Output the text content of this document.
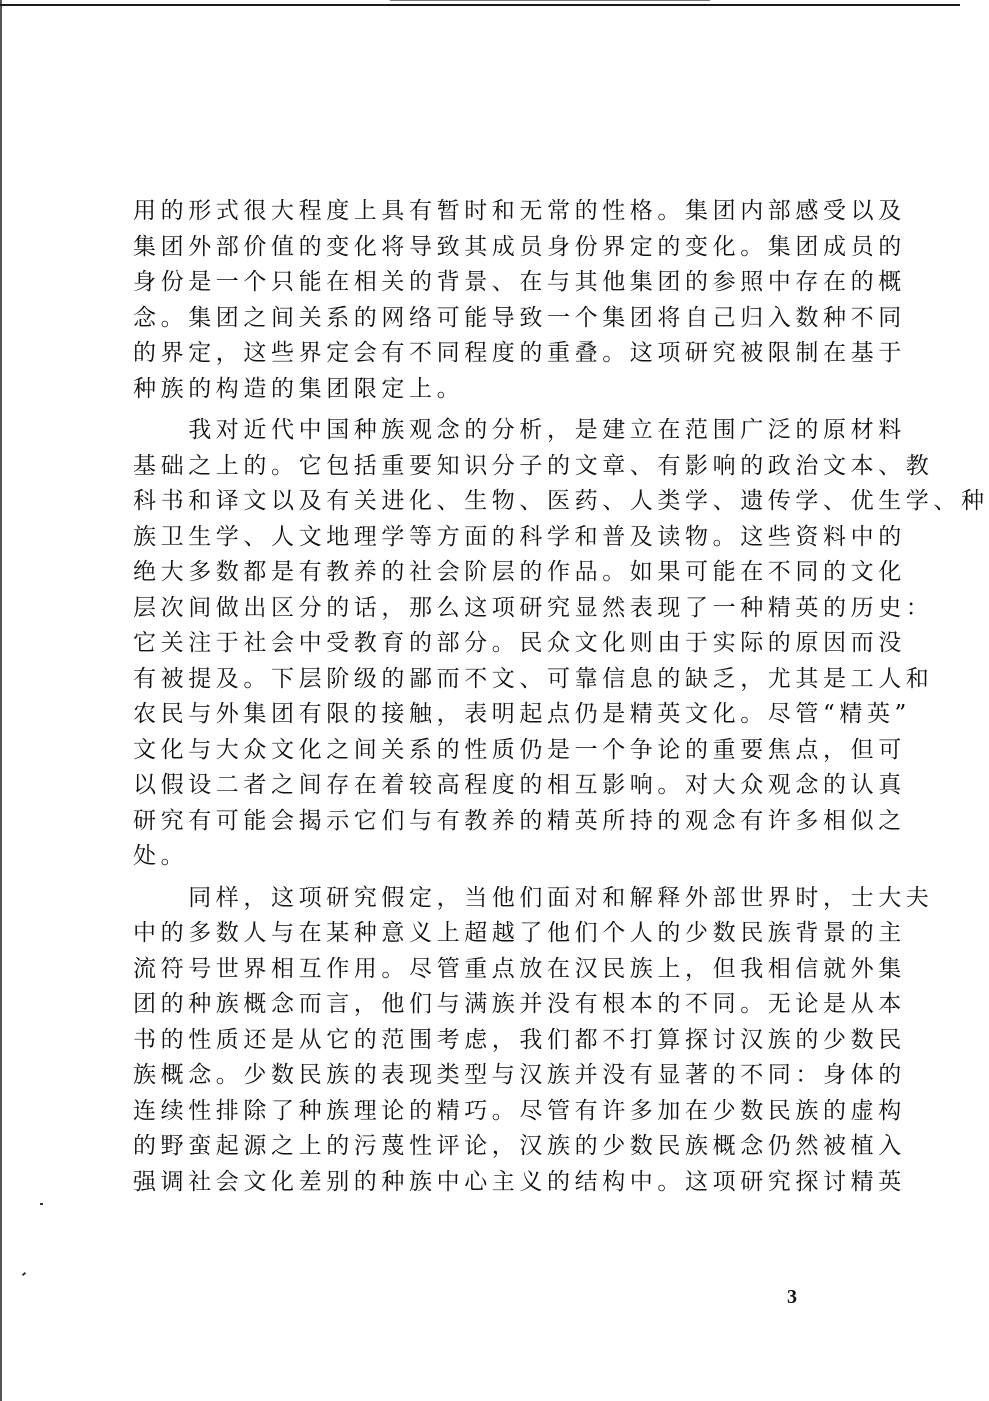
用的形式很大程度上具有暂时和无常的性格。集团内部感受以及
集团外部价值的变化将导致其成员身份界定的变化。集团成员的
身份是一个只能在相关的背景、在与其他集团的参照中存在的概
念。集团之间关系的网络可能导致一个集团将自己归入数种不同
的界定，这些界定会有不同程度的重叠。这项研究被限制在基于
种族的构造的集团限定上。
　　我对近代中国种族观念的分析，是建立在范围广泛的原材料
基础之上的。它包括重要知识分子的文章、有影响的政治文本、教
科书和译文以及有关进化、生物、医药、人类学、遗传学、优生学、种
族卫生学、人文地理学等方面的科学和普及读物。这些资料中的
绝大多数都是有教养的社会阶层的作品。如果可能在不同的文化
层次间做出区分的话，那么这项研究显然表现了一种精英的历史：
它关注于社会中受教育的部分。民众文化则由于实际的原因而没
有被提及。下层阶级的鄙而不文、可靠信息的缺乏，尤其是工人和
农民与外集团有限的接触，表明起点仍是精英文化。尽管“精英”
文化与大众文化之间关系的性质仍是一个争论的重要焦点，但可
以假设二者之间存在着较高程度的相互影响。对大众观念的认真
研究有可能会揭示它们与有教养的精英所持的观念有许多相似之
处。
　　同样，这项研究假定，当他们面对和解释外部世界时，士大夫
中的多数人与在某种意义上超越了他们个人的少数民族背景的主
流符号世界相互作用。尽管重点放在汉民族上，但我相信就外集
团的种族概念而言，他们与满族并没有根本的不同。无论是从本
书的性质还是从它的范围考虑，我们都不打算探讨汉族的少数民
族概念。少数民族的表现类型与汉族并没有显著的不同：身体的
连续性排除了种族理论的精巧。尽管有许多加在少数民族的虚构
的野蛮起源之上的污蔑性评论，汉族的少数民族概念仍然被植入
强调社会文化差别的种族中心主义的结构中。这项研究探讨精英
3
